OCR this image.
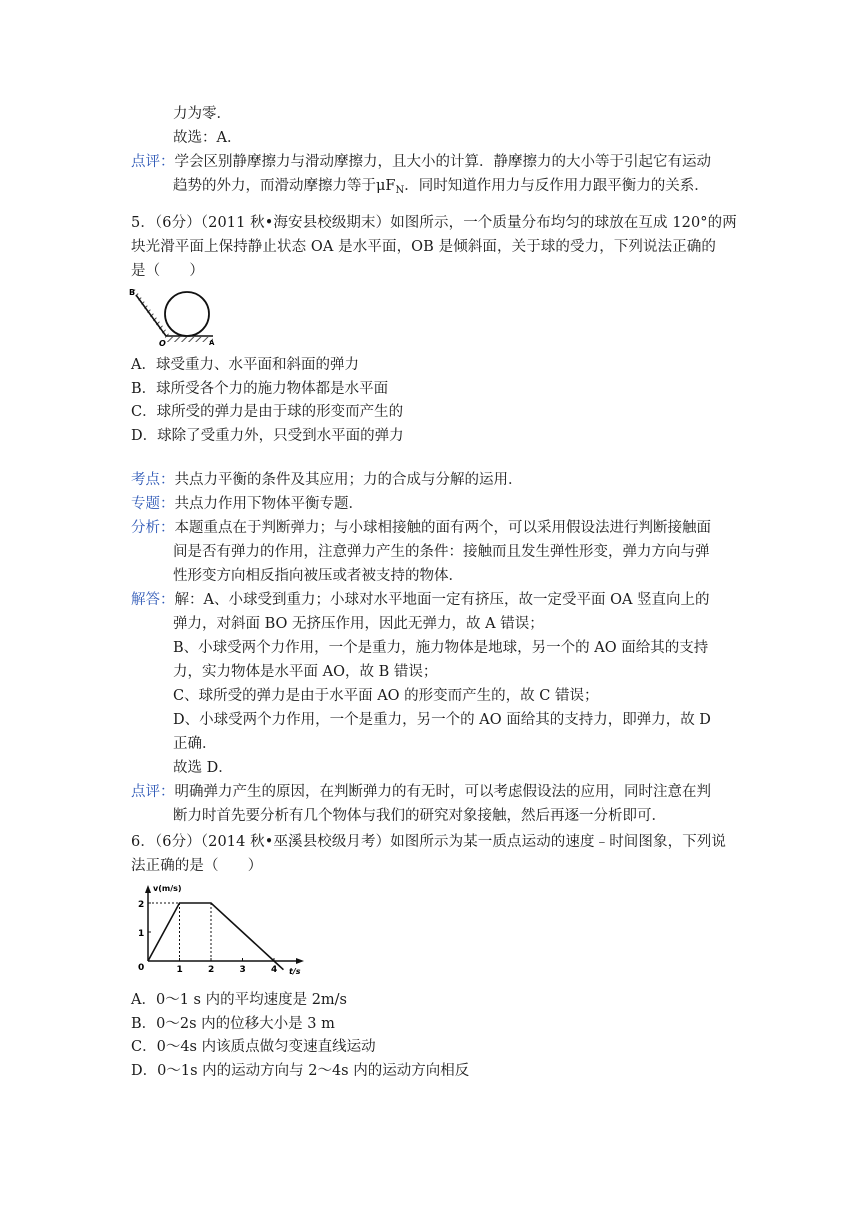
力为零．
故选：A．
点评：学会区别静摩擦力与滑动摩擦力，且大小的计算．静摩擦力的大小等于引起它有运动
趋势的外力，而滑动摩擦力等于$\mu F_N$．同时知道作用力与反作用力跟平衡力的关系．
5．（6分）（2011 秋•海安县校级期末）如图所示，一个质量分布均匀的球放在互成 120°的两
块光滑平面上保持静止状态 OA 是水平面，OB 是倾斜面，关于球的受力，下列说法正确的
是（　　）
B
O	A
A．球受重力、水平面和斜面的弹力
B．球所受各个力的施力物体都是水平面
C．球所受的弹力是由于球的形变而产生的
D．球除了受重力外，只受到水平面的弹力
考点：共点力平衡的条件及其应用；力的合成与分解的运用．
专题：共点力作用下物体平衡专题．
分析：本题重点在于判断弹力；与小球相接触的面有两个，可以采用假设法进行判断接触面
间是否有弹力的作用，注意弹力产生的条件：接触而且发生弹性形变，弹力方向与弹
性形变方向相反指向被压或者被支持的物体．
解答：解：A、小球受到重力；小球对水平地面一定有挤压，故一定受平面 OA 竖直向上的
弹力，对斜面 BO 无挤压作用，因此无弹力，故 A 错误；
B、小球受两个力作用，一个是重力，施力物体是地球，另一个的 AO 面给其的支持
力，实力物体是水平面 AO，故 B 错误；
C、球所受的弹力是由于水平面 AO 的形变而产生的，故 C 错误；
D、小球受两个力作用，一个是重力，另一个的 AO 面给其的支持力，即弹力，故 D
正确．
故选 D．
点评：明确弹力产生的原因，在判断弹力的有无时，可以考虑假设法的应用，同时注意在判
断力时首先要分析有几个物体与我们的研究对象接触，然后再逐一分析即可．
6．（6分）（2014 秋•巫溪县校级月考）如图所示为某一质点运动的速度﹣时间图象，下列说
法正确的是（　　）
v(m/s)
t/s
0	1	2	3	4
1
2
A．0～1 s 内的平均速度是 2m/s
B．0～2s 内的位移大小是 3 m
C．0～4s 内该质点做匀变速直线运动
D．0～1s 内的运动方向与 2～4s 内的运动方向相反
